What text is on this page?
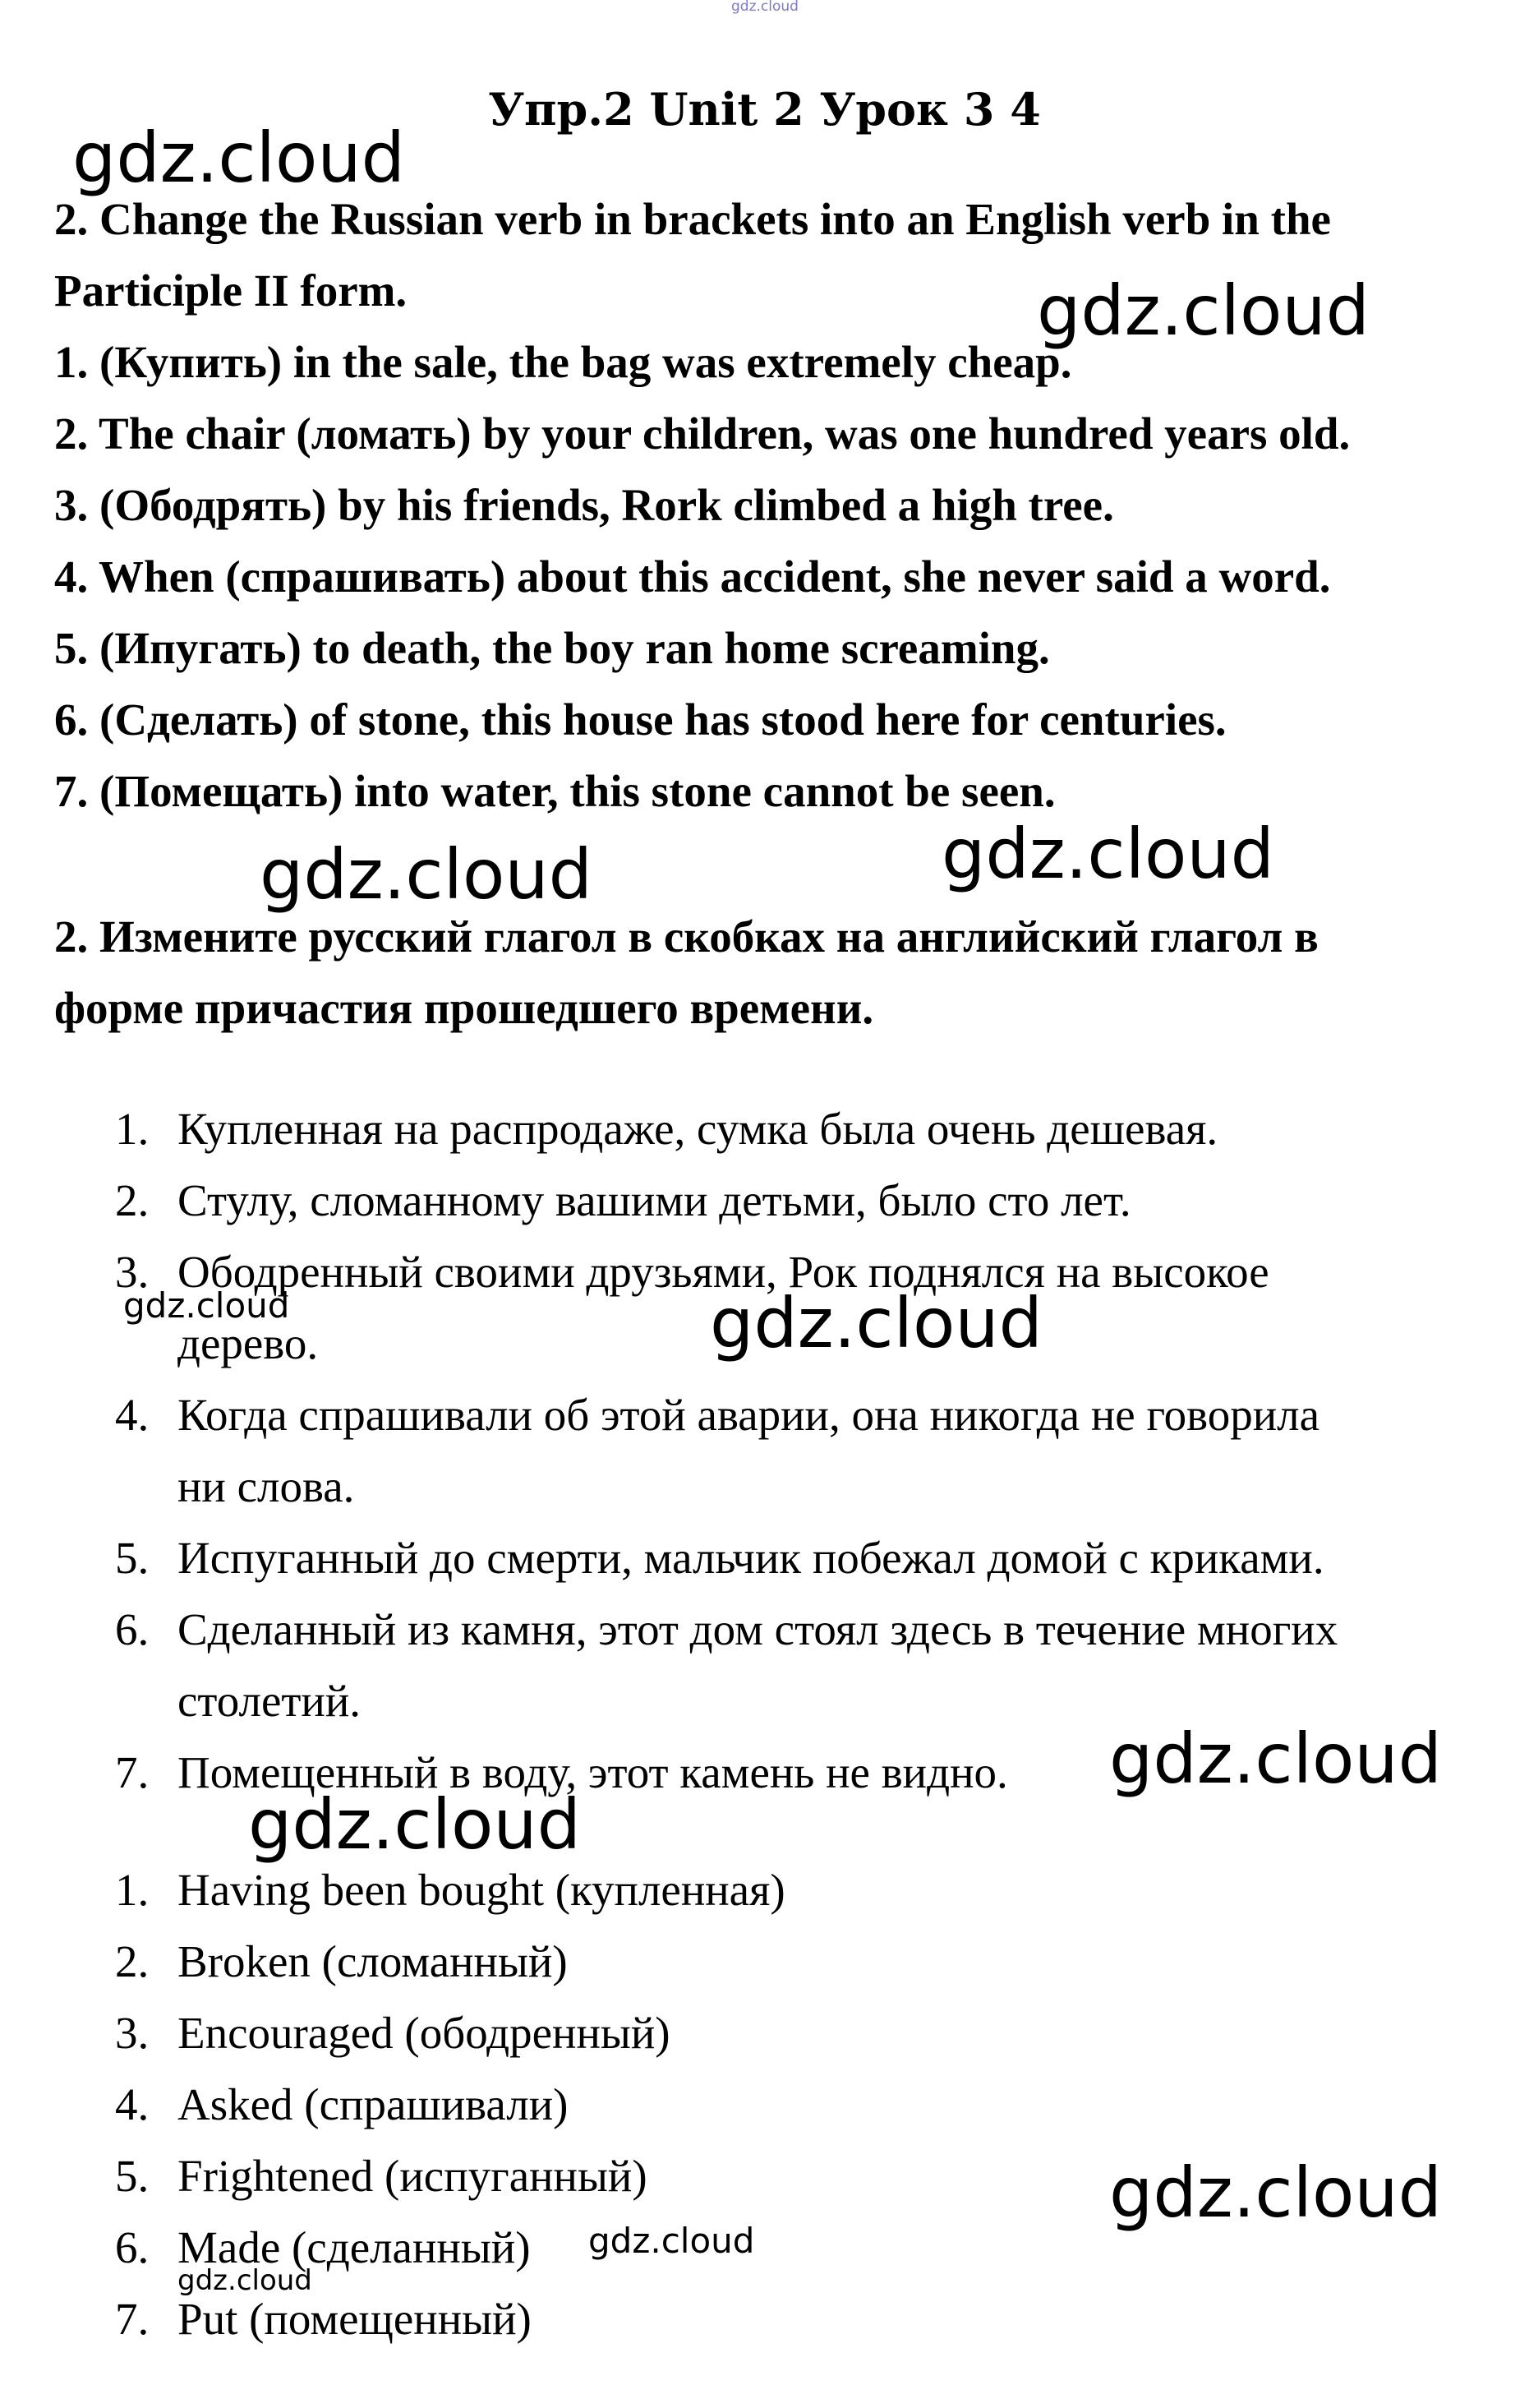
Упр.2 Unit 2 Урок 3 4
2. Change the Russian verb in brackets into an English verb in the
Participle II form.
1. (Купить) in the sale, the bag was extremely cheap.
2. The chair (ломать) by your children, was one hundred years old.
3. (Ободрять) by his friends, Rork climbed a high tree.
4. When (спрашивать) about this accident, she never said a word.
5. (Ипугать) to death, the boy ran home screaming.
6. (Сделать) of stone, this house has stood here for centuries.
7. (Помещать) into water, this stone cannot be seen.
2. Измените русский глагол в скобках на английский глагол в
форме причастия прошедшего времени.
1. Купленная на распродаже, сумка была очень дешевая.
2. Стулу, сломанному вашими детьми, было сто лет.
3. Ободренный своими друзьями, Рок поднялся на высокое
дерево.
4. Когда спрашивали об этой аварии, она никогда не говорила
ни слова.
5. Испуганный до смерти, мальчик побежал домой с криками.
6. Сделанный из камня, этот дом стоял здесь в течение многих
столетий.
7. Помещенный в воду, этот камень не видно.
1. Having been bought (купленная)
2. Broken (сломанный)
3. Encouraged (ободренный)
4. Asked (спрашивали)
5. Frightened (испуганный)
6. Made (сделанный)
7. Put (помещенный)
gdz.cloud
gdz.cloud
gdz.cloud
gdz.cloud	gdz.cloud
gdz.cloud	gdz.cloud
gdz.cloud
gdz.cloud
gdz.cloud
gdz.cloud
gdz.cloud
